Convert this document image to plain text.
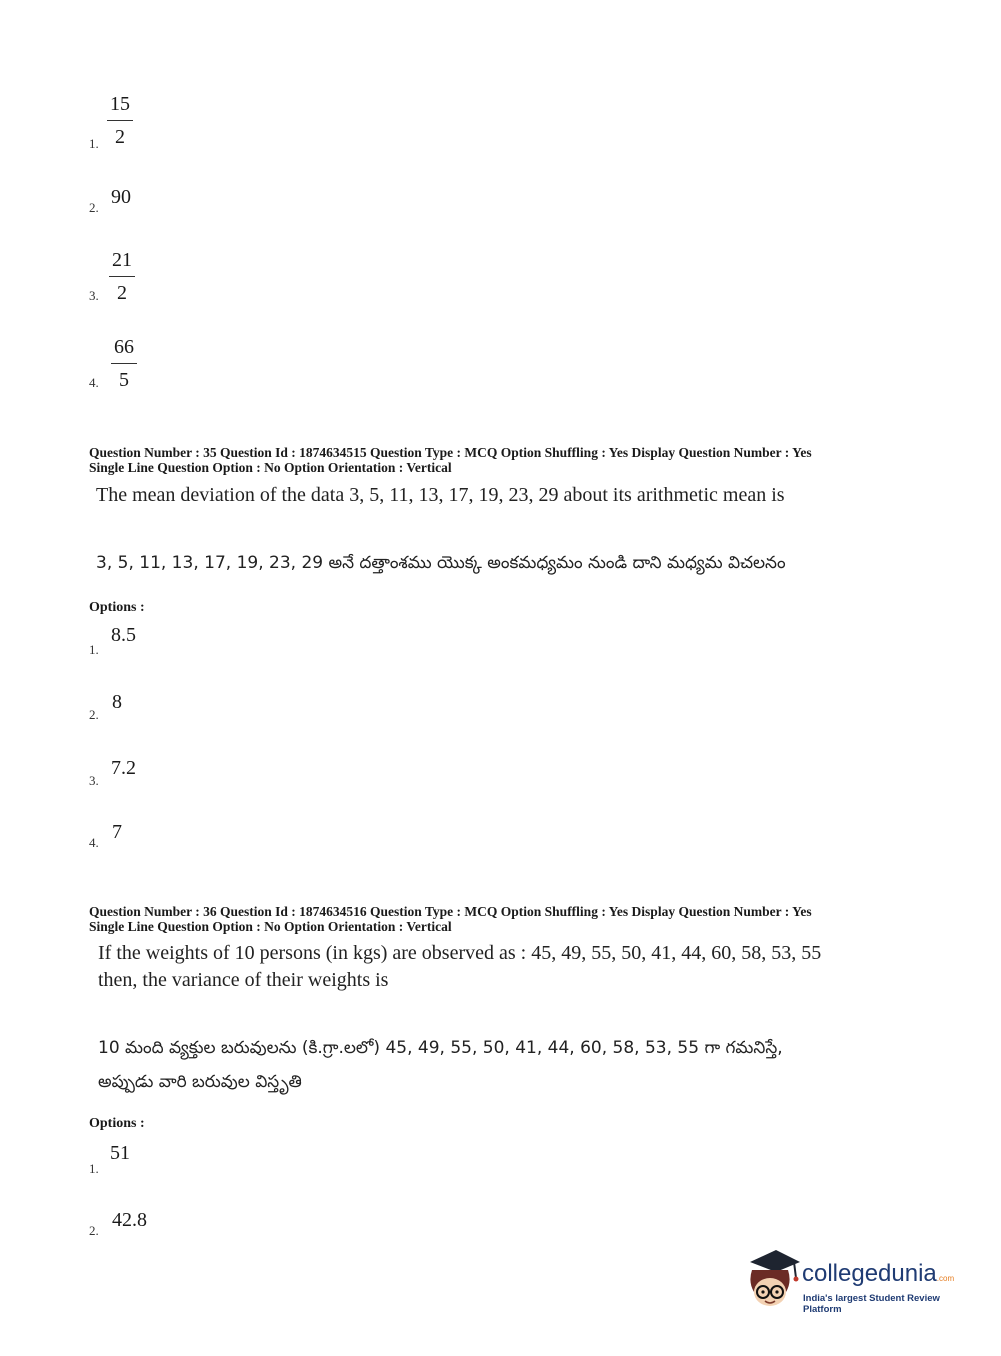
1. $\frac{15}{2}$
2. 90
3. $\frac{21}{2}$
4. $\frac{66}{5}$
Question Number : 35 Question Id : 1874634515 Question Type : MCQ Option Shuffling : Yes Display Question Number : Yes
Single Line Question Option : No Option Orientation : Vertical
The mean deviation of the data 3, 5, 11, 13, 17, 19, 23, 29 about its arithmetic mean is
3, 5, 11, 13, 17, 19, 23, 29 అనే దత్తాంశము యొక్క అంకమధ్యమం నుండి దాని మధ్యమ విచలనం
Options :
1.
8.5
2.
8
3.
7.2
4. 7
Question Number : 36 Question Id : 1874634516 Question Type : MCQ Option Shuffling : Yes Display Question Number : Yes
Single Line Question Option : No Option Orientation : Vertical
If the weights of 10 persons (in kgs) are observed as : 45, 49, 55, 50, 41, 44, 60, 58, 53, 55
then, the variance of their weights is
10 మంది వ్యక్తుల బరువులను (కి.గ్రా.లలో) 45, 49, 55, 50, 41, 44, 60, 58, 53, 55 గా గమనిస్తే,
అప్పుడు వారి బరువుల విస్తృతి
Options :
1.
51
2. 42.8
collegedunia.com
India's largest Student Review Platform
